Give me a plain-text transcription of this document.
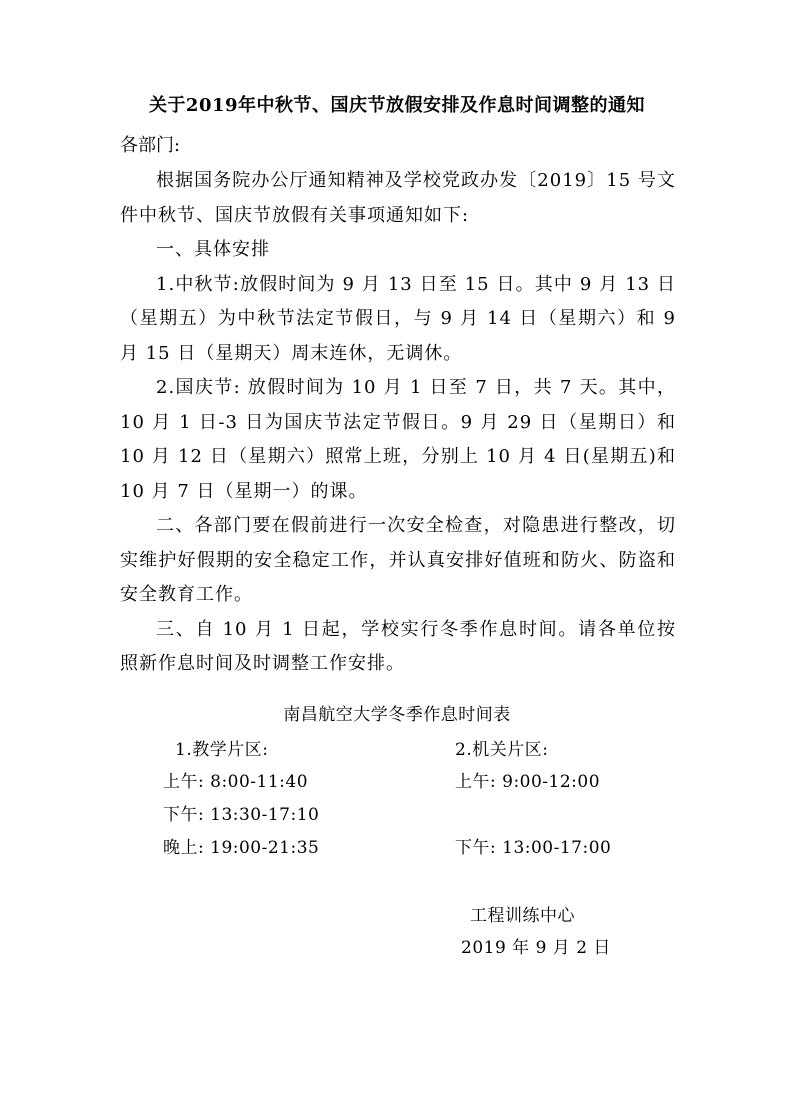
关于2019年中秋节、国庆节放假安排及作息时间调整的通知
各部门:

根据国务院办公厅通知精神及学校党政办发〔2019〕15 号文件中秋节、国庆节放假有关事项通知如下:

一、具体安排

1.中秋节:放假时间为 9 月 13 日至 15 日。其中 9 月 13 日（星期五）为中秋节法定节假日，与 9 月 14 日（星期六）和 9 月 15 日（星期天）周末连休，无调休。

2.国庆节: 放假时间为 10 月 1 日至 7 日，共 7 天。其中，10 月 1 日-3 日为国庆节法定节假日。9 月 29 日（星期日）和 10 月 12 日（星期六）照常上班，分别上 10 月 4 日(星期五)和 10 月 7 日（星期一）的课。

二、各部门要在假前进行一次安全检查，对隐患进行整改，切实维护好假期的安全稳定工作，并认真安排好值班和防火、防盗和安全教育工作。

三、自 10 月 1 日起，学校实行冬季作息时间。请各单位按照新作息时间及时调整工作安排。

南昌航空大学冬季作息时间表
1.教学片区:	2.机关片区:
上午: 8:00-11:40	上午: 9:00-12:00
下午: 13:30-17:10
晚上: 19:00-21:35	下午: 13:00-17:00
工程训练中心
2019 年 9 月 2 日
